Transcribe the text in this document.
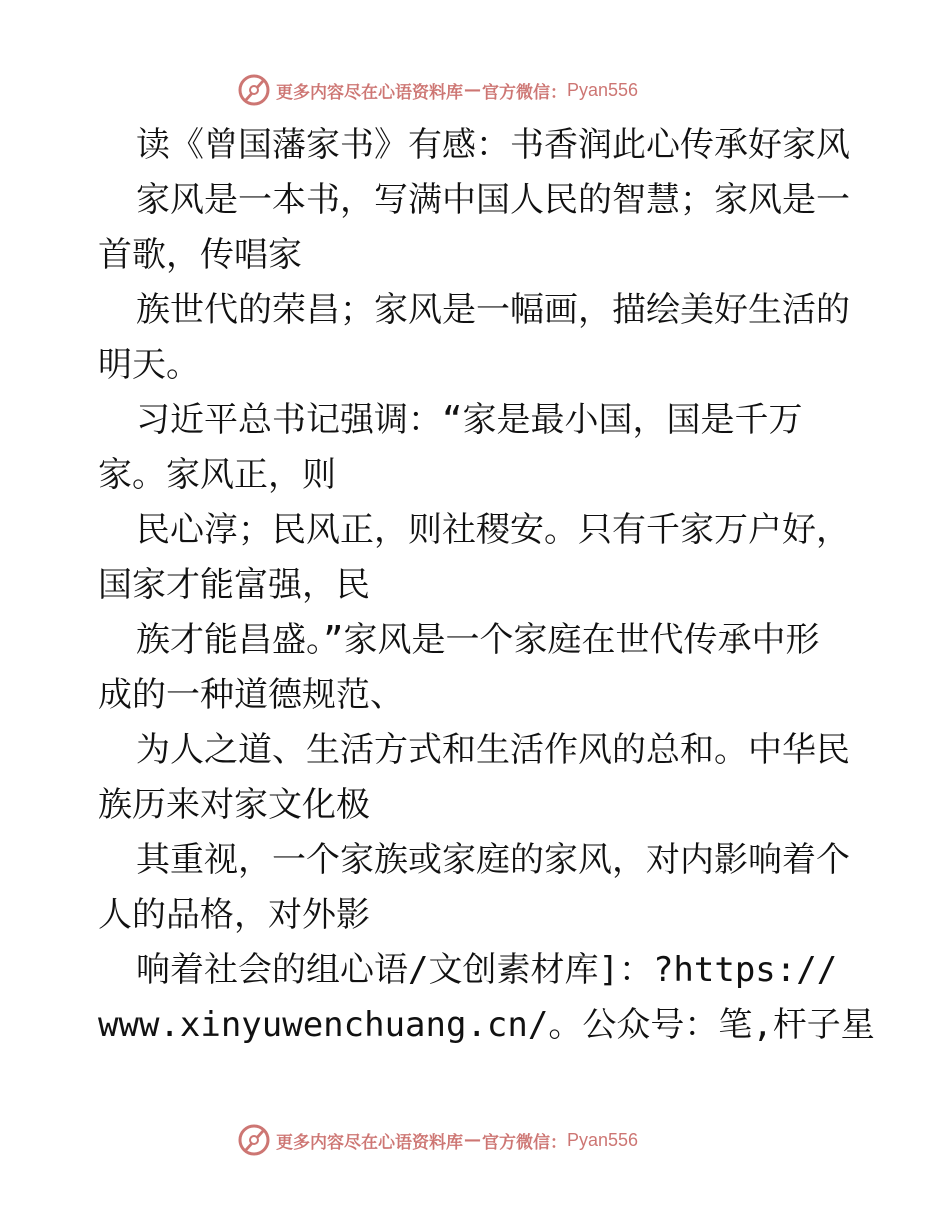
更多内容尽在心语资料库 — 官方微信： Pyan556
读《曾国藩家书》有感：书香润此心传承好家风
家风是一本书，写满中国人民的智慧；家风是一
首歌，传唱家
族世代的荣昌；家风是一幅画，描绘美好生活的
明天。
习近平总书记强调：“家是最小国，国是千万
家。家风正，则
民心淳；民风正，则社稷安。只有千家万户好，
国家才能富强，民
族才能昌盛。”家风是一个家庭在世代传承中形
成的一种道德规范、
为人之道、生活方式和生活作风的总和。中华民
族历来对家文化极
其重视，一个家族或家庭的家风，对内影响着个
人的品格，对外影
响着社会的组心语/文创素材库]：?https://
www.xinyuwenchuang.cn/。公众号：笔,杆子星
更多内容尽在心语资料库 — 官方微信： Pyan556
